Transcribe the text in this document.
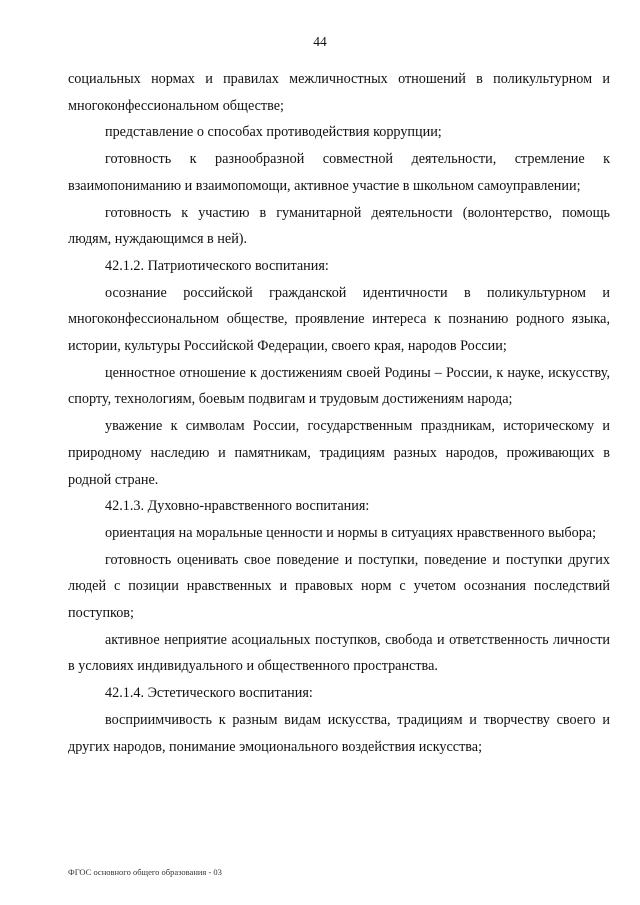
44

социальных нормах и правилах межличностных отношений в поликультурном и многоконфессиональном обществе;

представление о способах противодействия коррупции;

готовность к разнообразной совместной деятельности, стремление к взаимопониманию и взаимопомощи, активное участие в школьном самоуправлении;

готовность к участию в гуманитарной деятельности (волонтерство, помощь людям, нуждающимся в ней).

42.1.2. Патриотического воспитания:

осознание российской гражданской идентичности в поликультурном и многоконфессиональном обществе, проявление интереса к познанию родного языка, истории, культуры Российской Федерации, своего края, народов России;

ценностное отношение к достижениям своей Родины – России, к науке, искусству, спорту, технологиям, боевым подвигам и трудовым достижениям народа;

уважение к символам России, государственным праздникам, историческому и природному наследию и памятникам, традициям разных народов, проживающих в родной стране.

42.1.3. Духовно-нравственного воспитания:

ориентация на моральные ценности и нормы в ситуациях нравственного выбора;

готовность оценивать свое поведение и поступки, поведение и поступки других людей с позиции нравственных и правовых норм с учетом осознания последствий поступков;

активное неприятие асоциальных поступков, свобода и ответственность личности в условиях индивидуального и общественного пространства.

42.1.4. Эстетического воспитания:

восприимчивость к разным видам искусства, традициям и творчеству своего и других народов, понимание эмоционального воздействия искусства;

ФГОС основного общего образования - 03
